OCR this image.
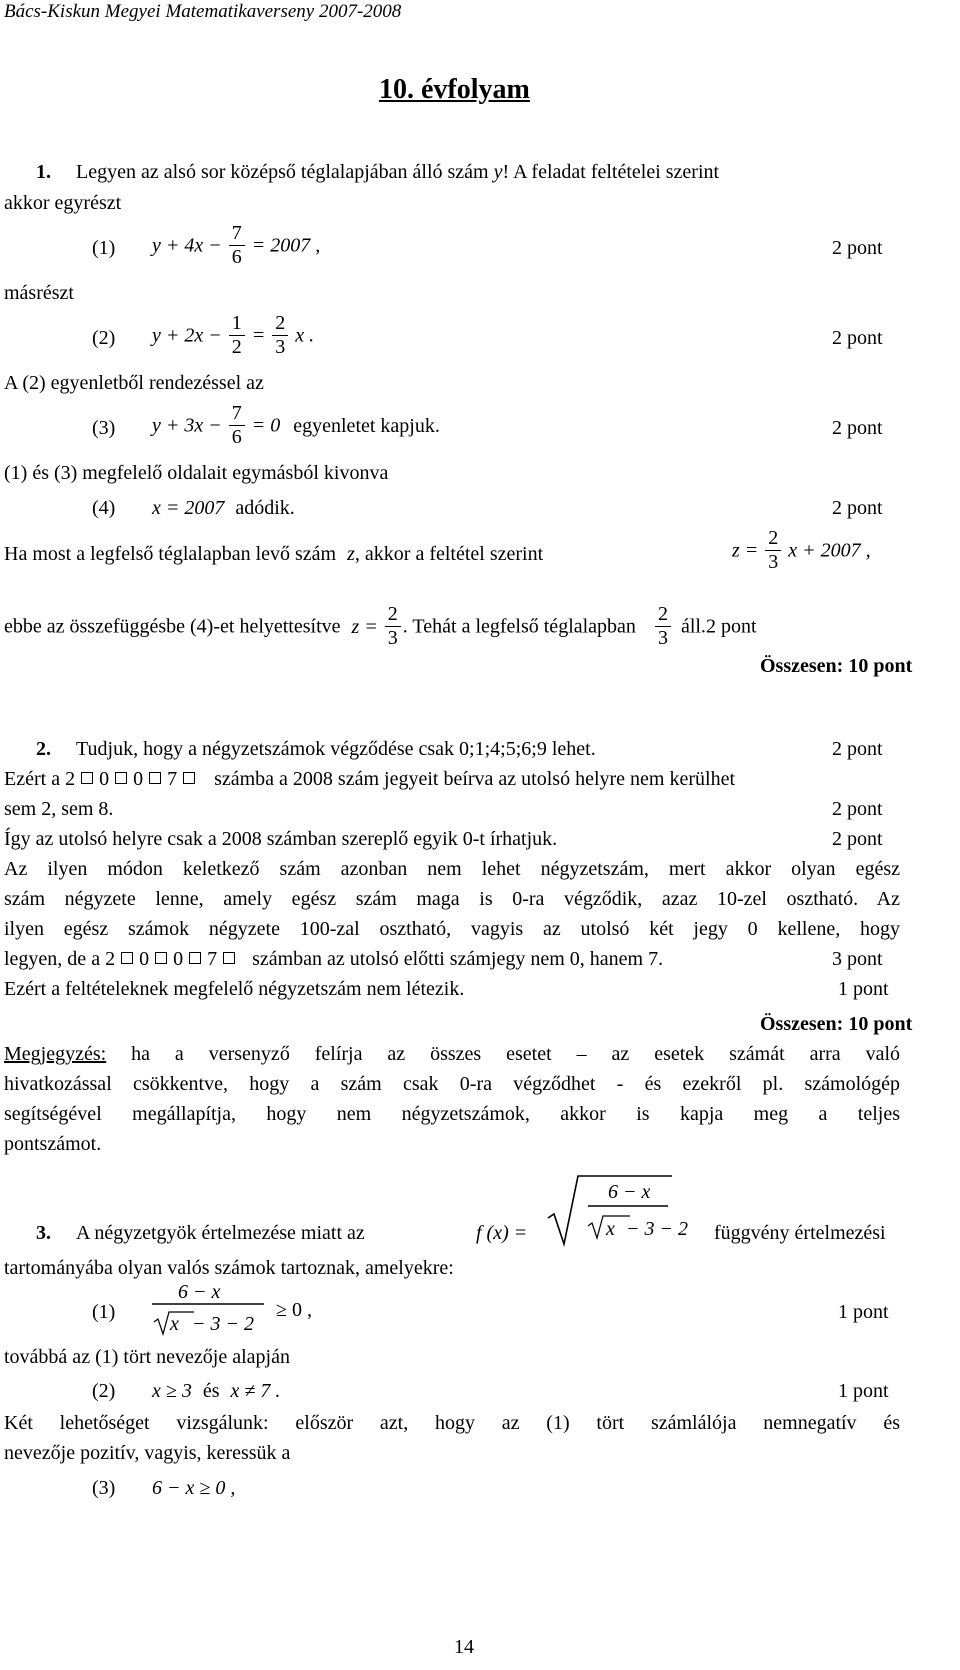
Bács-Kiskun Megyei Matematikaverseny 2007-2008
10. évfolyam
1. Legyen az alsó sor középső téglalapjában álló szám y! A feladat feltételei szerint
akkor egyrészt
(1) $y + 4x - \frac{7}{6} = 2007$ ,	2 pont
másrészt
(2) $y + 2x - \frac{1}{2} = \frac{2}{3}$ x .	2 pont
A (2) egyenletből rendezéssel az
(3) $y + 3x - \frac{7}{6} = 0$ egyenletet kapjuk.	2 pont
(1) és (3) megfelelő oldalait egymásból kivonva
(4) x = 2007 adódik.	2 pont
Ha most a legfelső téglalapban levő szám z, akkor a feltétel szerint	$z = \frac{2}{3}$ x + 2007 ,
ebbe az összefüggésbe (4)-et helyettesítve $z = \frac{2}{3}$ . Tehát a legfelső téglalapban $\frac{2}{3}$ áll.2 pont
Összesen: 10 pont
2. Tudjuk, hogy a négyzetszámok végződése csak 0;1;4;5;6;9 lehet.	2 pont
Ezért a 2 0 0 7 számba a 2008 szám jegyeit beírva az utolsó helyre nem kerülhet
sem 2, sem 8.	2 pont
Így az utolsó helyre csak a 2008 számban szereplő egyik 0-t írhatjuk.	2 pont
Az ilyen módon keletkező szám azonban nem lehet négyzetszám, mert akkor olyan egész
szám négyzete lenne, amely egész szám maga is 0-ra végződik, azaz 10-zel osztható. Az
ilyen egész számok négyzete 100-zal osztható, vagyis az utolsó két jegy 0 kellene, hogy
legyen, de a 2 0 0 7 számban az utolsó előtti számjegy nem 0, hanem 7.	3 pont
Ezért a feltételeknek megfelelő négyzetszám nem létezik.	1 pont
Összesen: 10 pont
Megjegyzés: ha a versenyző felírja az összes esetet – az esetek számát arra való
hivatkozással csökkentve, hogy a szám csak 0-ra végződhet - és ezekről pl. számológép
segítségével megállapítja, hogy nem négyzetszámok, akkor is kapja meg a teljes
pontszámot.
3. A négyzetgyök értelmezése miatt az	f (x) =
6 − x
x − 3 − 2 függvény értelmezési
tartományába olyan valós számok tartoznak, amelyekre:
(1)
6 − x
x − 3 − 2
≥ 0 ,	1 pont
továbbá az (1) tört nevezője alapján
(2) x ≥ 3 és x ≠ 7 .	1 pont
Két lehetőséget vizsgálunk: először azt, hogy az (1) tört számlálója nemnegatív és
nevezője pozitív, vagyis, keressük a
(3) 6 − x ≥ 0 ,
14
